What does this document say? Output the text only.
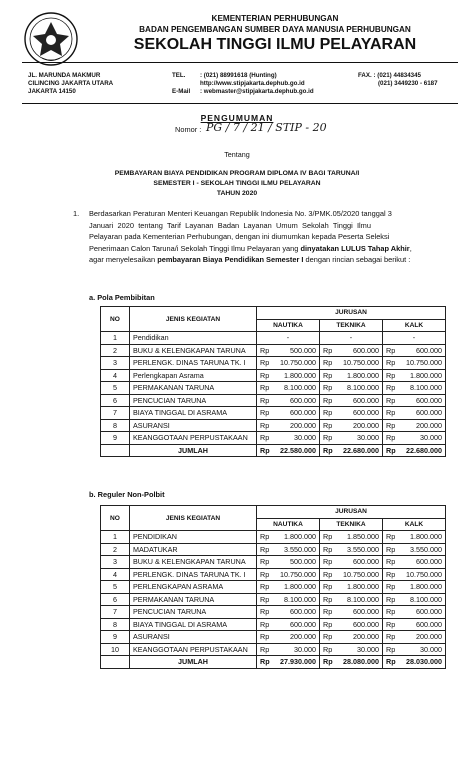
KEMENTERIAN PERHUBUNGAN
BADAN PENGEMBANGAN SUMBER DAYA MANUSIA PERHUBUNGAN
SEKOLAH TINGGI ILMU PELAYARAN
JL. MARUNDA MAKMUR
CILINCING JAKARTA UTARA
JAKARTA 14150
TEL.

E-Mail
: (021) 88991618 (Hunting)
http://www.stipjakarta.dephub.go.id
: webmaster@stipjakarta.dephub.go.id
FAX. : (021) 44834345
(021) 3449230 - 6187
PENGUMUMAN
Nomor : PG / 7 / 21 / STIP - 20
Tentang
PEMBAYARAN BIAYA PENDIDIKAN PROGRAM DIPLOMA IV BAGI TARUNA/I
SEMESTER I - SEKOLAH TINGGI ILMU PELAYARAN
TAHUN 2020
1. Berdasarkan Peraturan Menteri Keuangan Republik Indonesia No. 3/PMK.05/2020 tanggal 3
Januari 2020 tentang Tarif Layanan Badan Layanan Umum Sekolah Tinggi Ilmu
Pelayaran pada Kementerian Perhubungan, dengan ini diumumkan kepada Peserta Seleksi
Penerimaan Calon Taruna/i Sekolah Tinggi Ilmu Pelayaran yang dinyatakan LULUS Tahap Akhir,
agar menyelesaikan pembayaran Biaya Pendidikan Semester I dengan rincian sebagai berikut :
a. Pola Pembibitan
NO	JENIS KEGIATAN	JURUSAN		
		NAUTIKA	TEKNIKA	KALK
1	Pendidikan	-	-	-
2	BUKU & KELENGKAPAN TARUNA	Rp 500.000	Rp 600.000	Rp 600.000

3	PERLENGK. DINAS TARUNA TK. I	Rp 10.750.000	Rp 10.750.000	Rp 10.750.000

4	Perlengkapan Asrama	Rp 1.800.000	Rp 1.800.000	Rp 1.800.000

5	PERMAKANAN TARUNA	Rp 8.100.000	Rp 8.100.000	Rp 8.100.000

6	PENCUCIAN TARUNA	Rp 600.000	Rp 600.000	Rp 600.000

7	BIAYA TINGGAL DI ASRAMA	Rp 600.000	Rp 600.000	Rp 600.000

8	ASURANSI	Rp 200.000	Rp 200.000	Rp 200.000

9	KEANGGOTAAN PERPUSTAKAAN	Rp 30.000	Rp 30.000	Rp 30.000

	JUMLAH	Rp 22.580.000	Rp 22.680.000	Rp 22.680.000
b. Reguler Non-Polbit
NO	JENIS KEGIATAN	JURUSAN		
		NAUTIKA	TEKNIKA	KALK
1	PENDIDIKAN	Rp 1.800.000	Rp 1.850.000	Rp 1.800.000

2	MADATUKAR	Rp 3.550.000	Rp 3.550.000	Rp 3.550.000

3	BUKU & KELENGKAPAN TARUNA	Rp 500.000	Rp 600.000	Rp 600.000

4	PERLENGK. DINAS TARUNA TK. I	Rp 10.750.000	Rp 10.750.000	Rp 10.750.000

5	PERLENGKAPAN ASRAMA	Rp 1.800.000	Rp 1.800.000	Rp 1.800.000

6	PERMAKANAN TARUNA	Rp 8.100.000	Rp 8.100.000	Rp 8.100.000

7	PENCUCIAN TARUNA	Rp 600.000	Rp 600.000	Rp 600.000

8	BIAYA TINGGAL DI ASRAMA	Rp 600.000	Rp 600.000	Rp 600.000

9	ASURANSI	Rp 200.000	Rp 200.000	Rp 200.000

10	KEANGGOTAAN PERPUSTAKAAN	Rp 30.000	Rp 30.000	Rp 30.000

	JUMLAH	Rp 27.930.000	Rp 28.080.000	Rp 28.030.000
